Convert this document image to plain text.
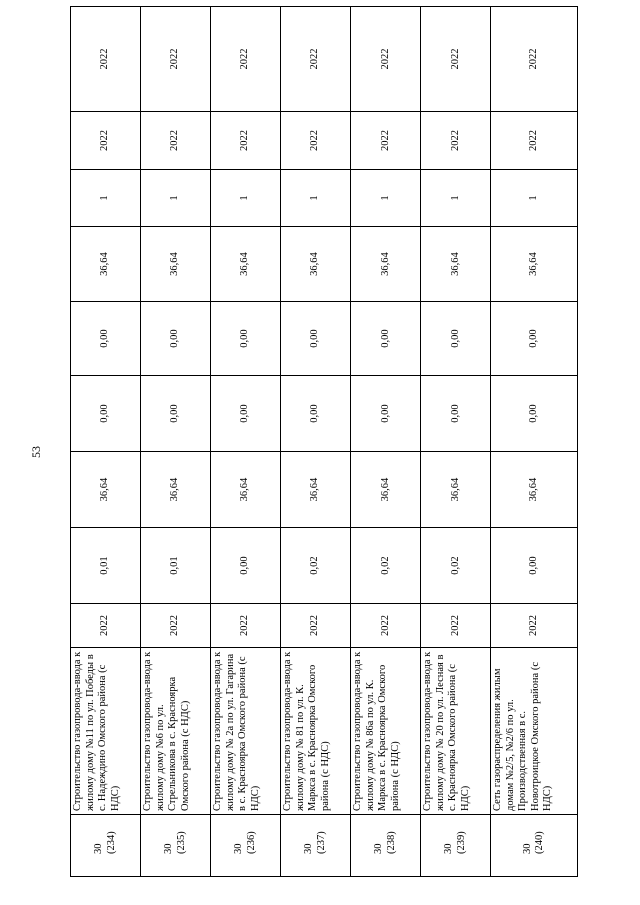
53
30 (234)	Строительство газопровода-ввода к жилому дому №11 по ул. Победы в с. Надеждино Омского района (с НДС)	2022	0,01	36,64	0,00	0,00	36,64	1	2022	2022

30 (235)	Строительство газопровода-ввода к жилому дому №6 по ул. Стрельникова в с. Красноярка Омского района (с НДС)	2022	0,01	36,64	0,00	0,00	36,64	1	2022	2022

30 (236)	Строительство газопровода-ввода к жилому дому № 2а по ул. Гагарина в с. Красноярка Омского района (с НДС)	2022	0,00	36,64	0,00	0,00	36,64	1	2022	2022

30 (237)	Строительство газопровода-ввода к жилому дому № 81 по ул. К. Маркса в с. Красноярка Омского района (с НДС)	2022	0,02	36,64	0,00	0,00	36,64	1	2022	2022

30 (238)	Строительство газопровода-ввода к жилому дому № 86а по ул. К. Маркса в с. Красноярка Омского района (с НДС)	2022	0,02	36,64	0,00	0,00	36,64	1	2022	2022

30 (239)	Строительство газопровода-ввода к жилому дому № 20 по ул. Лесная в с. Красноярка Омского района (с НДС)	2022	0,02	36,64	0,00	0,00	36,64	1	2022	2022

30 (240)	Сеть газораспределения жилым домам №2/5, №2/6 по ул. Производственная в с. Новотроицкое Омского района (с НДС)	2022	0,00	36,64	0,00	0,00	36,64	1	2022	2022
